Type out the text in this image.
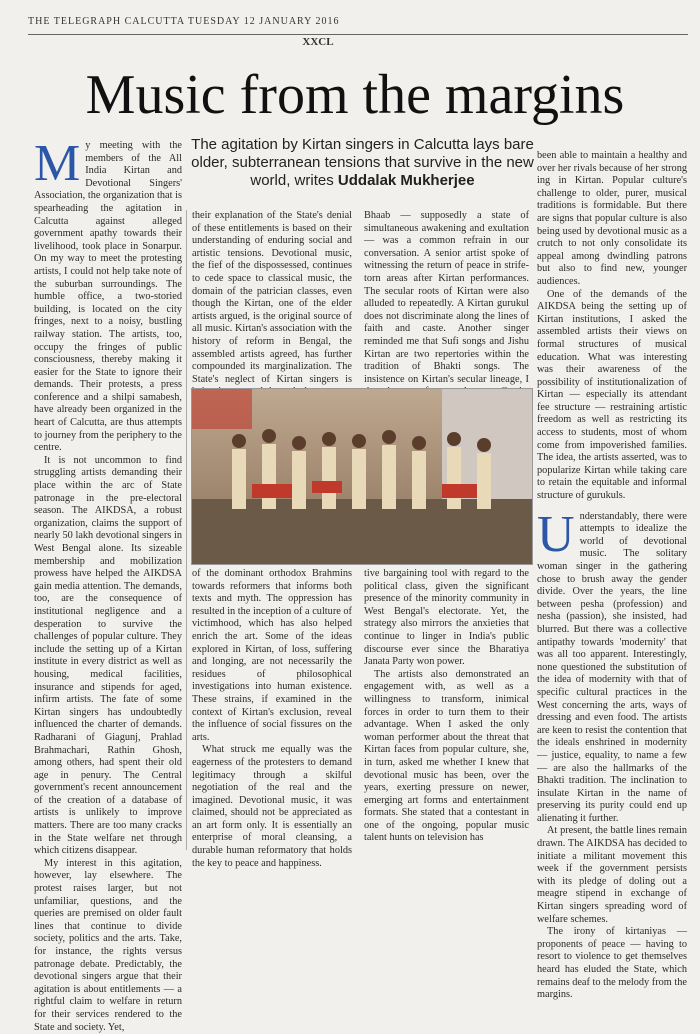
THE TELEGRAPH CALCUTTA TUESDAY 12 JANUARY 2016
XXCL
Music from the margins
The agitation by Kirtan singers in Calcutta lays bare older, subterranean tensions that survive in the new world, writes Uddalak Mukherjee

My meeting with the members of the All India Kirtan and Devotional Singers' Association, the organization that is spearheading the agitation in Calcutta against alleged government apathy towards their livelihood, took place in Sonarpur. On my way to meet the protesting artists, I could not help take note of the suburban surroundings. The humble office, a two-storied building, is located on the city fringes, next to a noisy, bustling railway station. The artists, too, occupy the fringes of public consciousness, thereby making it easier for the State to ignore their demands. Their protests, a press conference and a shilpi samabesh, have already been organized in the heart of Calcutta, are thus attempts to journey from the periphery to the centre.

It is not uncommon to find struggling artists demanding their place within the arc of State patronage in the pre-electoral season. The AIKDSA, a robust organization, claims the support of nearly 50 lakh devotional singers in West Bengal alone. Its sizeable membership and mobilization prowess have helped the AIKDSA gain media attention. The demands, too, are the consequence of institutional negligence and a desperation to survive the challenges of popular culture. They include the setting up of a Kirtan institute in every district as well as housing, medical facilities, insurance and stipends for aged, infirm artists. The fate of some Kirtan singers has undoubtedly influenced the charter of demands. Radharani of Giagunj, Prahlad Brahmachari, Rathin Ghosh, among others, had spent their old age in penury. The Central government's recent announcement of the creation of a database of artists is unlikely to improve matters. There are too many cracks in the State welfare net through which citizens disappear.

My interest in this agitation, however, lay elsewhere. The protest raises larger, but not unfamiliar, questions, and the queries are premised on older fault lines that continue to divide society, politics and the arts. Take, for instance, the rights versus patronage debate. Predictably, the devotional singers argue that their agitation is about entitlements — a rightful claim to welfare in return for their services rendered to the State and society. Yet,

their explanation of the State's denial of these entitlements is based on their understanding of enduring social and artistic tensions. Devotional music, the fief of the dispossessed, continues to cede space to classical music, the domain of the patrician classes, even though the Kirtan, one of the elder artists argued, is the original source of all music. Kirtan's association with the history of reform in Bengal, the assembled artists agreed, has further compounded its marginalization. The State's neglect of Kirtan singers is

Bhaab — supposedly a state of simultaneous awakening and exultation — was a common refrain in our conversation. A senior artist spoke of witnessing the return of peace in strife-torn areas after Kirtan performances. The secular roots of Kirtan were also alluded to repeatedly. A Kirtan gurukul does not discriminate along the lines of faith and caste. Another singer reminded me that Sufi songs and Jishu Kirtan are two repertories within the tradition of Bhakti songs. The insistence on Kirtan's secular lineage, I

been able to maintain a healthy and over her rivals because of her strong ing in Kirtan. Popular culture's challenge to older, purer, musical traditions is formidable. But there are signs that popular culture is also being used by devotional music as a crutch to not only consolidate its appeal among dwindling patrons but also to find new, younger audiences.

One of the demands of the AIKDSA being the setting up of Kirtan institutions, I asked the assembled artists their views on formal structures of musical education. What was interesting was their awareness of the possibility of institutionalization of Kirtan — especially its attendant fee structure — restraining artistic freedom as well as restricting its access to students, most of whom come from impoverished families. The idea, the artists asserted, was to popularize Kirtan while taking care to retain the equitable and informal structure of gurukuls.

Understandably, there were attempts to idealize the world of devotional music. The solitary woman singer in the gathering chose to brush away the gender divide. Over the years, the line between pesha (profession) and nesha (passion), she insisted, had blurred. But there was a collective antipathy towards 'modernity' that was all too apparent. Interestingly, none questioned the substitution of the idea of modernity with that of specific cultural practices in the West concerning the arts, ways of dressing and even food. The artists are keen to resist the contention that the ideals enshrined in modernity — justice, equality, to name a few — are also the hallmarks of the Bhakti tradition. The inclination to insulate Kirtan in the name of preserving its purity could end up alienating it further.

At present, the battle lines remain drawn. The AIKDSA has decided to initiate a militant movement this week if the government persists with its pledge of doling out a meagre stipend in exchange of Kirtan singers spreading word of welfare schemes.

The irony of kirtaniyas — proponents of peace — having to resort to violence to get themselves heard has eluded the State, which remains deaf to the melody from the margins.

of the dominant orthodox Brahmins towards reformers that informs both texts and myth. The oppression has resulted in the inception of a culture of victimhood, which has also helped enrich the art. Some of the ideas explored in Kirtan, of loss, suffering and longing, are not necessarily the residues of philosophical investigations into human existence. These strains, if examined in the context of Kirtan's exclusion, reveal the influence of social fissures on the arts.

What struck me equally was the eagerness of the protesters to demand legitimacy through a skilful negotiation of the real and the imagined. Devotional music, it was claimed, should not be appreciated as an art form only. It is essentially an enterprise of moral cleansing, a durable human reformatory that holds the key to peace and happiness.

tive bargaining tool with regard to the political class, given the significant presence of the minority community in West Bengal's electorate. Yet, the strategy also mirrors the anxieties that continue to linger in India's public discourse ever since the Bharatiya Janata Party won power.

The artists also demonstrated an engagement with, as well as a willingness to transform, inimical forces in order to turn them to their advantage. When I asked the only woman performer about the threat that Kirtan faces from popular culture, she, in turn, asked me whether I knew that devotional music has been, over the years, exerting pressure on newer, emerging art forms and entertainment formats. She stated that a contestant in one of the ongoing, popular music talent hunts on television has
